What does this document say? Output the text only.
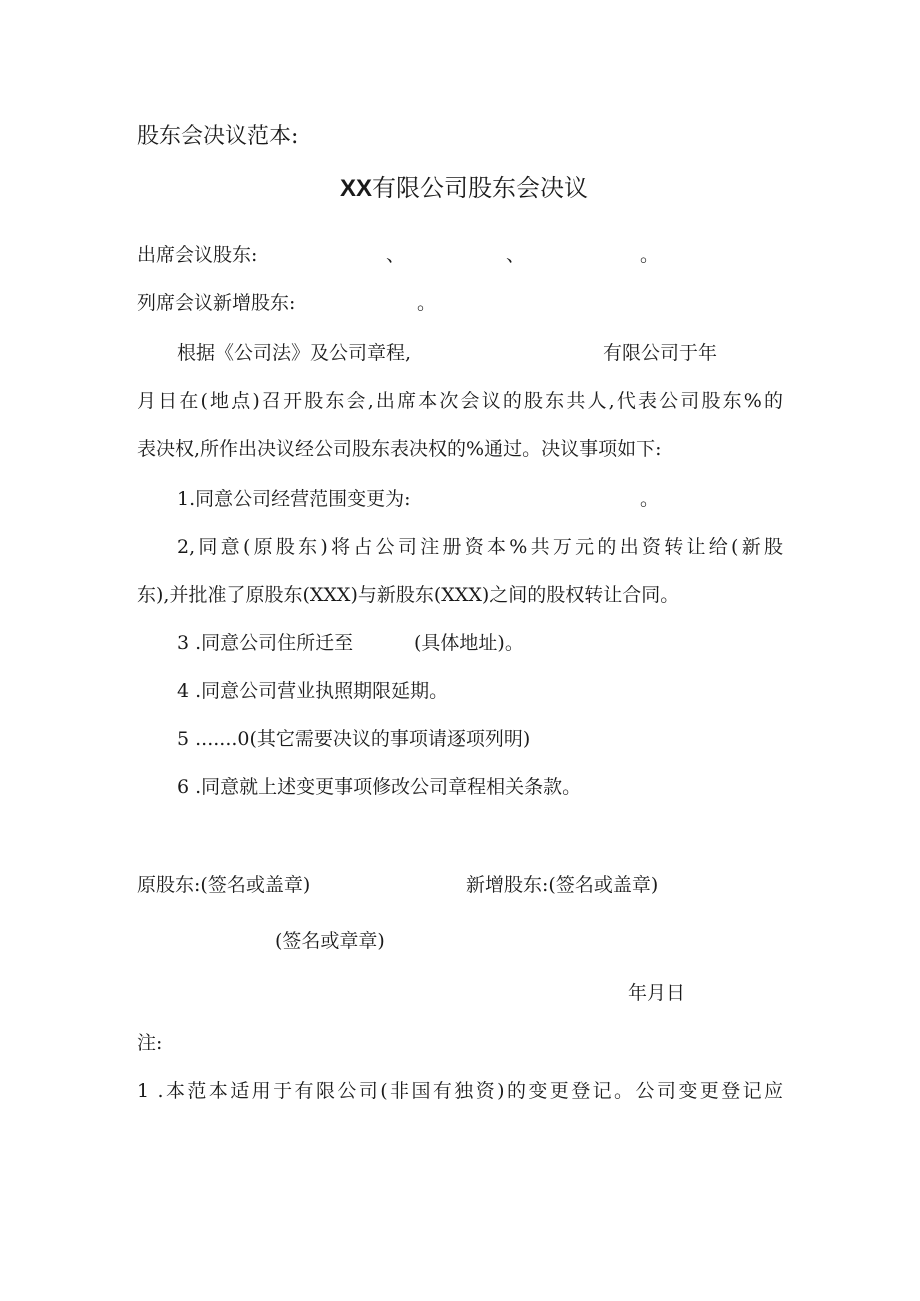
股东会决议范本:
XX有限公司股东会决议
出席会议股东:	、	、	。
列席会议新增股东:	。
根据《公司法》及公司章程,	有限公司于年
月日在(地点)召开股东会,出席本次会议的股东共人,代表公司股东%的
表决权,所作出决议经公司股东表决权的%通过。决议事项如下:
1.同意公司经营范围变更为:	。
2,同意(原股东)将占公司注册资本%共万元的出资转让给(新股
东),并批准了原股东(XXX)与新股东(XXX)之间的股权转让合同。
3 .同意公司住所迁至	(具体地址)。
4 .同意公司营业执照期限延期。
5 .......0(其它需要决议的事项请逐项列明)
6 .同意就上述变更事项修改公司章程相关条款。
原股东:(签名或盖章)	新增股东:(签名或盖章)
(签名或章章)
年月日
注:
1 .本范本适用于有限公司(非国有独资)的变更登记。公司变更登记应
